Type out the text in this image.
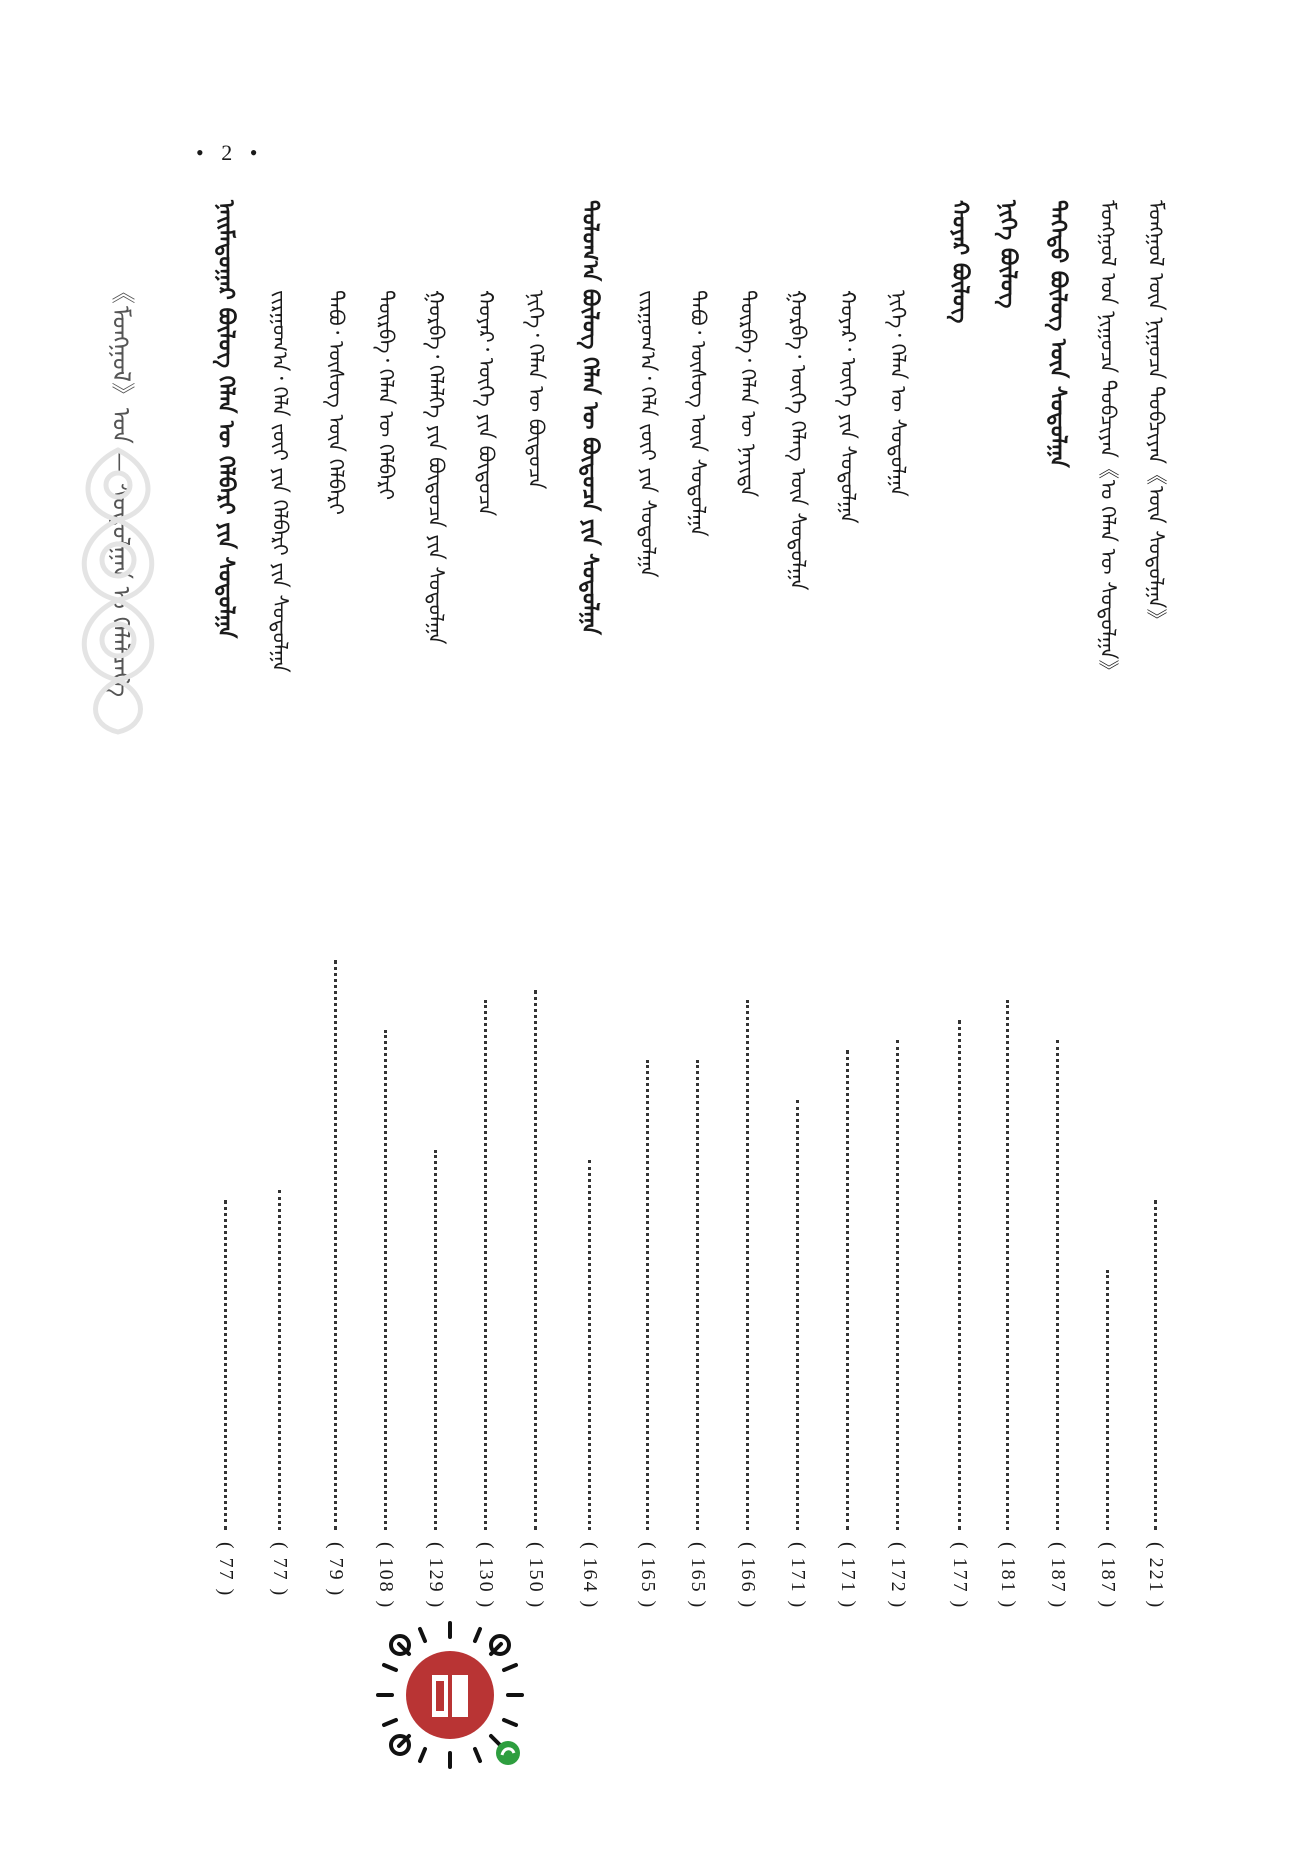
• 2 •
ᠮᠣᠩᠭᠣᠯ ᠦᠨ ᠨᠢᠭᠤᠴᠠ ᠲᠣᠪᠴᠢᠶᠠᠨ《ᠦᠨ ᠰᠤᠳᠤᠯᠭᠠ》
( 221 )
ᠮᠣᠩᠭᠣᠯ ᠤᠨ ᠨᠢᠭᠤᠴᠠ ᠲᠣᠪᠴᠢᠶᠠᠨ《ᠤ ᠬᠡᠯᠡᠨ ᠦ ᠰᠤᠳᠤᠯᠭᠠ》
( 187 )
ᠳᠡᠭᠡᠳᠦ ᠪᠦᠯᠦᠭ ᠦᠨ ᠰᠤᠳᠤᠯᠭᠠ
( 187 )
ᠨᠢᠭᠡ ᠪᠦᠯᠦᠭ
( 181 )
ᠬᠣᠶᠠᠷ ᠪᠦᠯᠦᠭ
( 177 )
ᠨᠢᠭᠡ᠂ ᠬᠡᠯᠡᠨ ᠦ ᠰᠤᠳᠤᠯᠭᠠ
( 172 )
ᠬᠣᠶᠠᠷ᠂ ᠦᠭᠡ ᠶᠢᠨ ᠰᠤᠳᠤᠯᠭᠠ
( 171 )
ᠭᠤᠷᠪᠠ᠂ ᠦᠭᠡ ᠬᠡᠯᠡᠭ ᠦᠨ ᠰᠤᠳᠤᠯᠭᠠ
( 171 )
ᠳᠥᠷᠪᠡ᠂ ᠬᠡᠯᠡᠨ ᠦ ᠨᠡᠶᠢᠲᠡ
( 166 )
ᠲᠠᠪᠤ᠂ ᠦᠰᠦᠭ ᠦᠨ ᠰᠤᠳᠤᠯᠭᠠ
( 165 )
ᠵᠢᠷᠭᠤᠭ᠎ᠠ᠂ ᠬᠡᠯᠡ ᠵᠦᠢ ᠶᠢᠨ ᠰᠤᠳᠤᠯᠭᠠ
( 165 )
ᠳᠣᠯᠣᠭ᠎ᠠ ᠪᠦᠯᠦᠭ ᠬᠡᠯᠡᠨ ᠦ ᠪᠦᠲᠦᠴᠡ ᠶᠢᠨ ᠰᠤᠳᠤᠯᠭᠠ
( 164 )
ᠨᠢᠭᠡ᠂ ᠬᠡᠯᠡᠨ ᠦ ᠪᠦᠲᠦᠴᠡ
( 150 )
ᠬᠣᠶᠠᠷ᠂ ᠦᠭᠡ ᠶᠢᠨ ᠪᠦᠲᠦᠴᠡ
( 130 )
ᠭᠤᠷᠪᠠ᠂ ᠬᠡᠯᠡᠯᠭᠡ ᠶᠢᠨ ᠪᠦᠲᠦᠴᠡ ᠶᠢᠨ ᠰᠤᠳᠤᠯᠭᠠ
( 129 )
ᠳᠥᠷᠪᠡ᠂ ᠬᠡᠯᠡᠨ ᠦ ᠬᠡᠯᠪᠡᠷᠢ
( 108 )
ᠲᠠᠪᠤ᠂ ᠦᠰᠦᠭ ᠦᠨ ᠬᠡᠯᠪᠡᠷᠢ
( 79 )
ᠵᠢᠷᠭᠤᠭ᠎ᠠ᠂ ᠬᠡᠯᠡ ᠵᠦᠢ ᠶᠢᠨ ᠬᠡᠯᠪᠡᠷᠢ ᠶᠢᠨ ᠰᠤᠳᠤᠯᠭᠠ
( 77 )
ᠨᠠᠢᠮᠠᠳᠤᠭᠠᠷ ᠪᠦᠯᠦᠭ ᠬᠡᠯᠡᠨ ᠦ ᠬᠡᠯᠪᠡᠷᠢ ᠶᠢᠨ ᠰᠤᠳᠤᠯᠭᠠ
( 77 )
《ᠮᠣᠩᠭᠣᠯ》ᠤᠨ — ᠰᠤᠳᠤᠯᠭᠠᠨ ᠤ ᠬᠡᠯᠡᠯᠴᠡᠭᠡ
